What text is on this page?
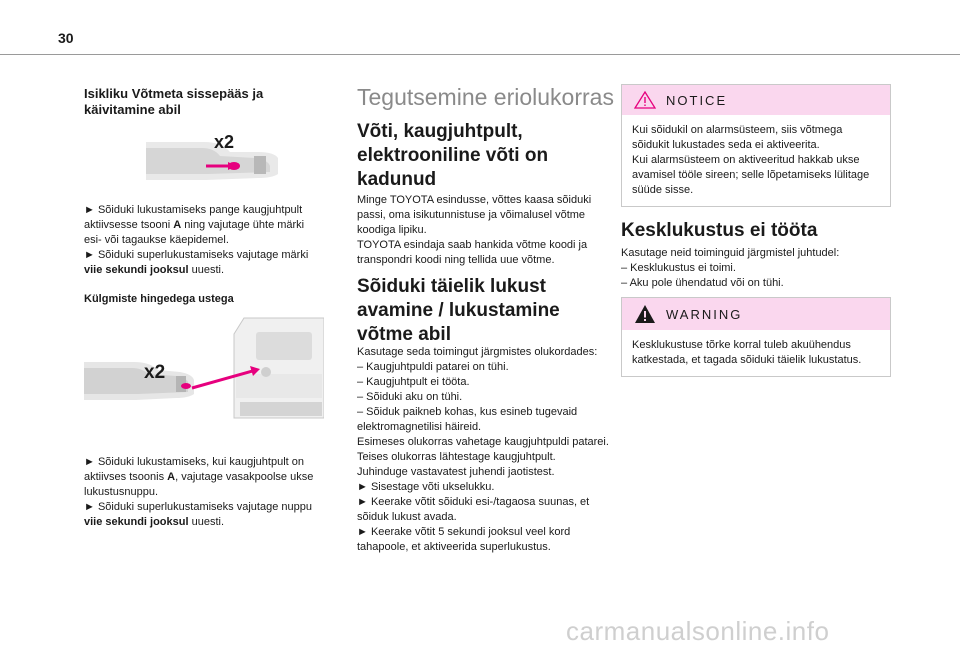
30
Isikliku Võtmeta sissepääs ja käivitamine abil
x2
► Sõiduki lukustamiseks pange kaugjuhtpult aktiivsesse tsooni A ning vajutage ühte märki esi- või tagaukse käepidemel.
► Sõiduki superlukustamiseks vajutage märki viie sekundi jooksul uuesti.
Külgmiste hingedega ustega
x2
► Sõiduki lukustamiseks, kui kaugjuhtpult on aktiivses tsoonis A, vajutage vasakpoolse ukse lukustusnuppu.
► Sõiduki superlukustamiseks vajutage nuppu viie sekundi jooksul uuesti.
Tegutsemine eriolukorras
Võti, kaugjuhtpult, elektrooniline võti on kadunud
Minge TOYOTA esindusse, võttes kaasa sõiduki passi, oma isikutunnistuse ja võimalusel võtme koodiga lipiku.
TOYOTA esindaja saab hankida võtme koodi ja transpondri koodi ning tellida uue võtme.
Sõiduki täielik lukust avamine / lukustamine võtme abil
Kasutage seda toimingut järgmistes olukordades:
– Kaugjuhtpuldi patarei on tühi.
– Kaugjuhtpult ei tööta.
– Sõiduki aku on tühi.
– Sõiduk paikneb kohas, kus esineb tugevaid elektromagnetilisi häireid.
Esimeses olukorras vahetage kaugjuhtpuldi patarei.
Teises olukorras lähtestage kaugjuhtpult.
Juhinduge vastavatest juhendi jaotistest.
► Sisestage võti ukselukku.
► Keerake võtit sõiduki esi-/tagaosa suunas, et sõiduk lukust avada.
► Keerake võtit 5 sekundi jooksul veel kord tahapoole, et aktiveerida superlukustus.
NOTICE
Kui sõidukil on alarmsüsteem, siis võtmega sõidukit lukustades seda ei aktiveerita.
Kui alarmsüsteem on aktiveeritud hakkab ukse avamisel tööle sireen; selle lõpetamiseks lülitage süüde sisse.
Kesklukustus ei tööta
Kasutage neid toiminguid järgmistel juhtudel:
– Kesklukustus ei toimi.
– Aku pole ühendatud või on tühi.
WARNING
Kesklukustuse tõrke korral tuleb akuühendus katkestada, et tagada sõiduki täielik lukustatus.
carmanualsonline.info
